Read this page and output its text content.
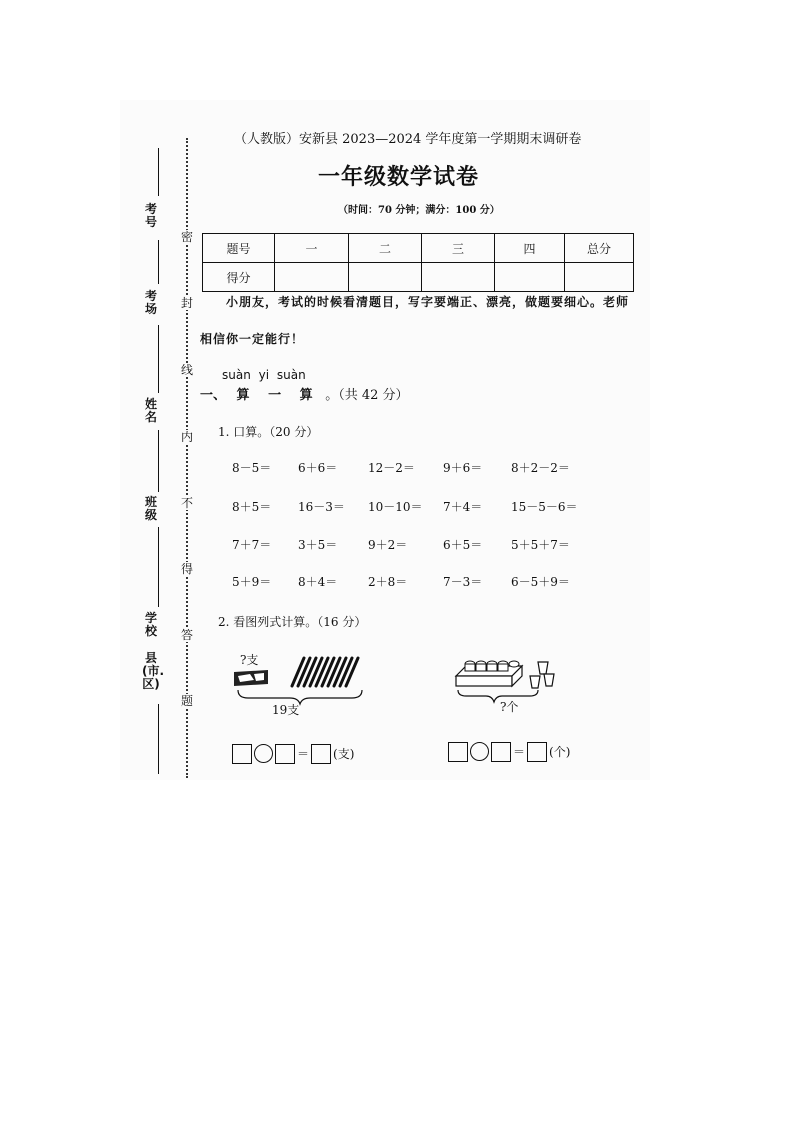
考号
考场
姓名
班级
学校
县(市.区)
密
封
线
内
不
得
答
题
（人教版）安新县 2023—2024 学年度第一学期期末调研卷
一年级数学试卷
（时间：70 分钟；满分：100 分）
题号	一	二	三	四	总分
得分					
小朋友，考试的时候看清题目，写字要端正、漂亮，做题要细心。老师
相信你一定能行！
suàn yi suàn
一、 算 一 算 。（共 42 分）
1. 口算。（20 分）
8－5＝ 6＋6＝	12－2＝ 9＋6＝ 8＋2－2＝
8＋5＝ 16－3＝ 10－10＝ 7＋4＝ 15－5－6＝
7＋7＝ 3＋5＝	9＋2＝	6＋5＝ 5＋5＋7＝
5＋9＝ 8＋4＝	2＋8＝	7－3＝ 6－5＋9＝
2. 看图列式计算。（16 分）
?支
19支	?个
＝ (支)	＝ (个)
